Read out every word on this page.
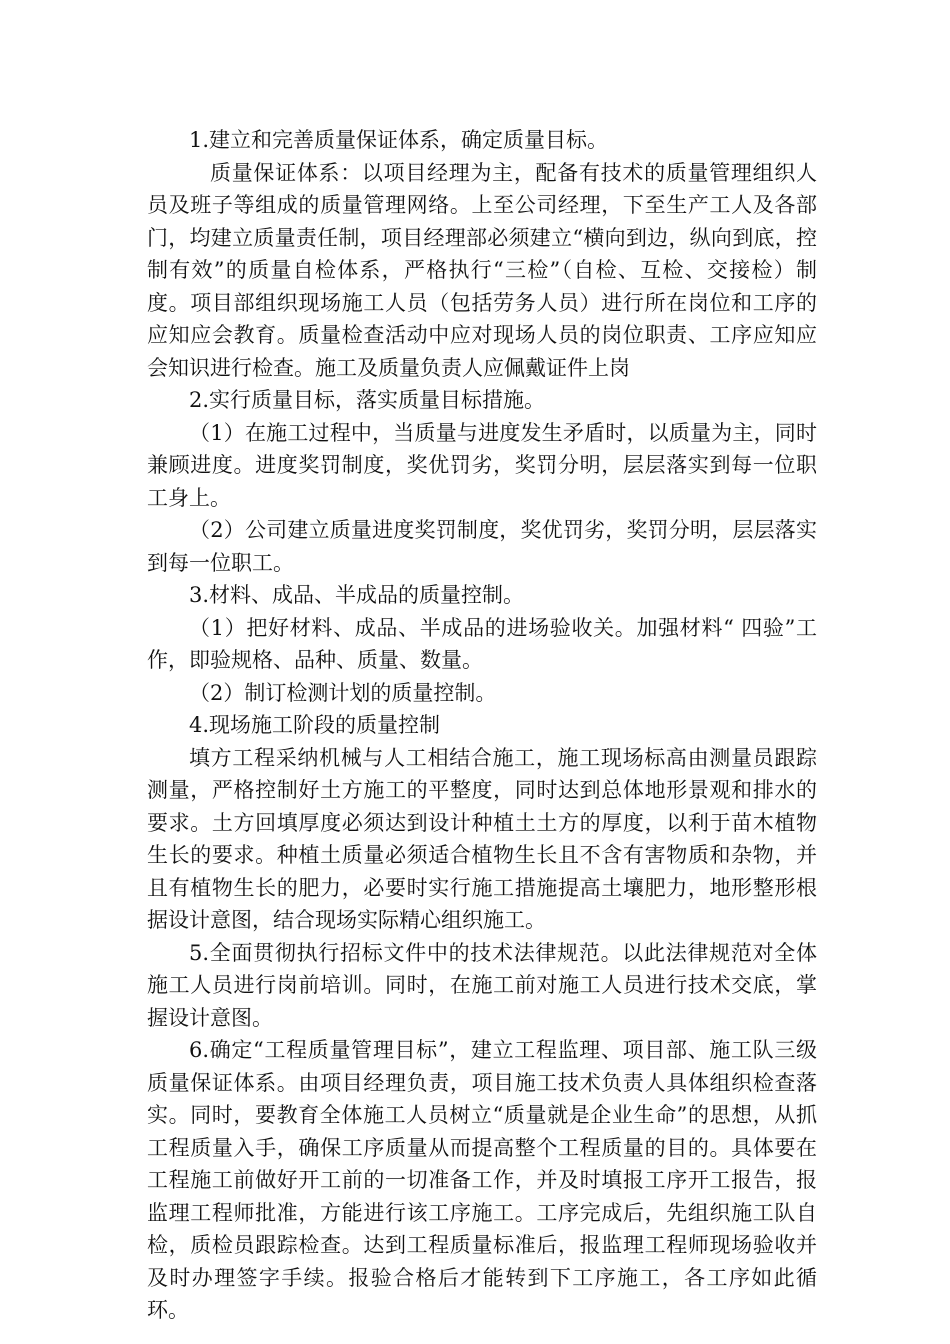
1.建立和完善质量保证体系，确定质量目标。

质量保证体系：以项目经理为主，配备有技术的质量管理组织人员及班子等组成的质量管理网络。上至公司经理，下至生产工人及各部门，均建立质量责任制，项目经理部必须建立“横向到边，纵向到底，控制有效”的质量自检体系，严格执行“三检”（自检、互检、交接检）制度。项目部组织现场施工人员（包括劳务人员）进行所在岗位和工序的应知应会教育。质量检查活动中应对现场人员的岗位职责、工序应知应会知识进行检查。施工及质量负责人应佩戴证件上岗

2.实行质量目标，落实质量目标措施。

（1）在施工过程中，当质量与进度发生矛盾时，以质量为主，同时兼顾进度。进度奖罚制度，奖优罚劣，奖罚分明，层层落实到每一位职工身上。

（2）公司建立质量进度奖罚制度，奖优罚劣，奖罚分明，层层落实到每一位职工。

3.材料、成品、半成品的质量控制。

（1）把好材料、成品、半成品的进场验收关。加强材料“ 四验”工作，即验规格、品种、质量、数量。

（2）制订检测计划的质量控制。

4.现场施工阶段的质量控制

填方工程采纳机械与人工相结合施工，施工现场标高由测量员跟踪测量，严格控制好土方施工的平整度，同时达到总体地形景观和排水的要求。土方回填厚度必须达到设计种植土土方的厚度，以利于苗木植物生长的要求。种植土质量必须适合植物生长且不含有害物质和杂物，并且有植物生长的肥力，必要时实行施工措施提高土壤肥力，地形整形根据设计意图，结合现场实际精心组织施工。

5.全面贯彻执行招标文件中的技术法律规范。以此法律规范对全体施工人员进行岗前培训。同时，在施工前对施工人员进行技术交底，掌握设计意图。

6.确定“工程质量管理目标”，建立工程监理、项目部、施工队三级质量保证体系。由项目经理负责，项目施工技术负责人具体组织检查落实。同时，要教育全体施工人员树立“质量就是企业生命”的思想，从抓工程质量入手，确保工序质量从而提高整个工程质量的目的。具体要在工程施工前做好开工前的一切准备工作，并及时填报工序开工报告，报监理工程师批准，方能进行该工序施工。工序完成后，先组织施工队自检，质检员跟踪检查。达到工程质量标准后，报监理工程师现场验收并及时办理签字手续。报验合格后才能转到下工序施工，各工序如此循环。
